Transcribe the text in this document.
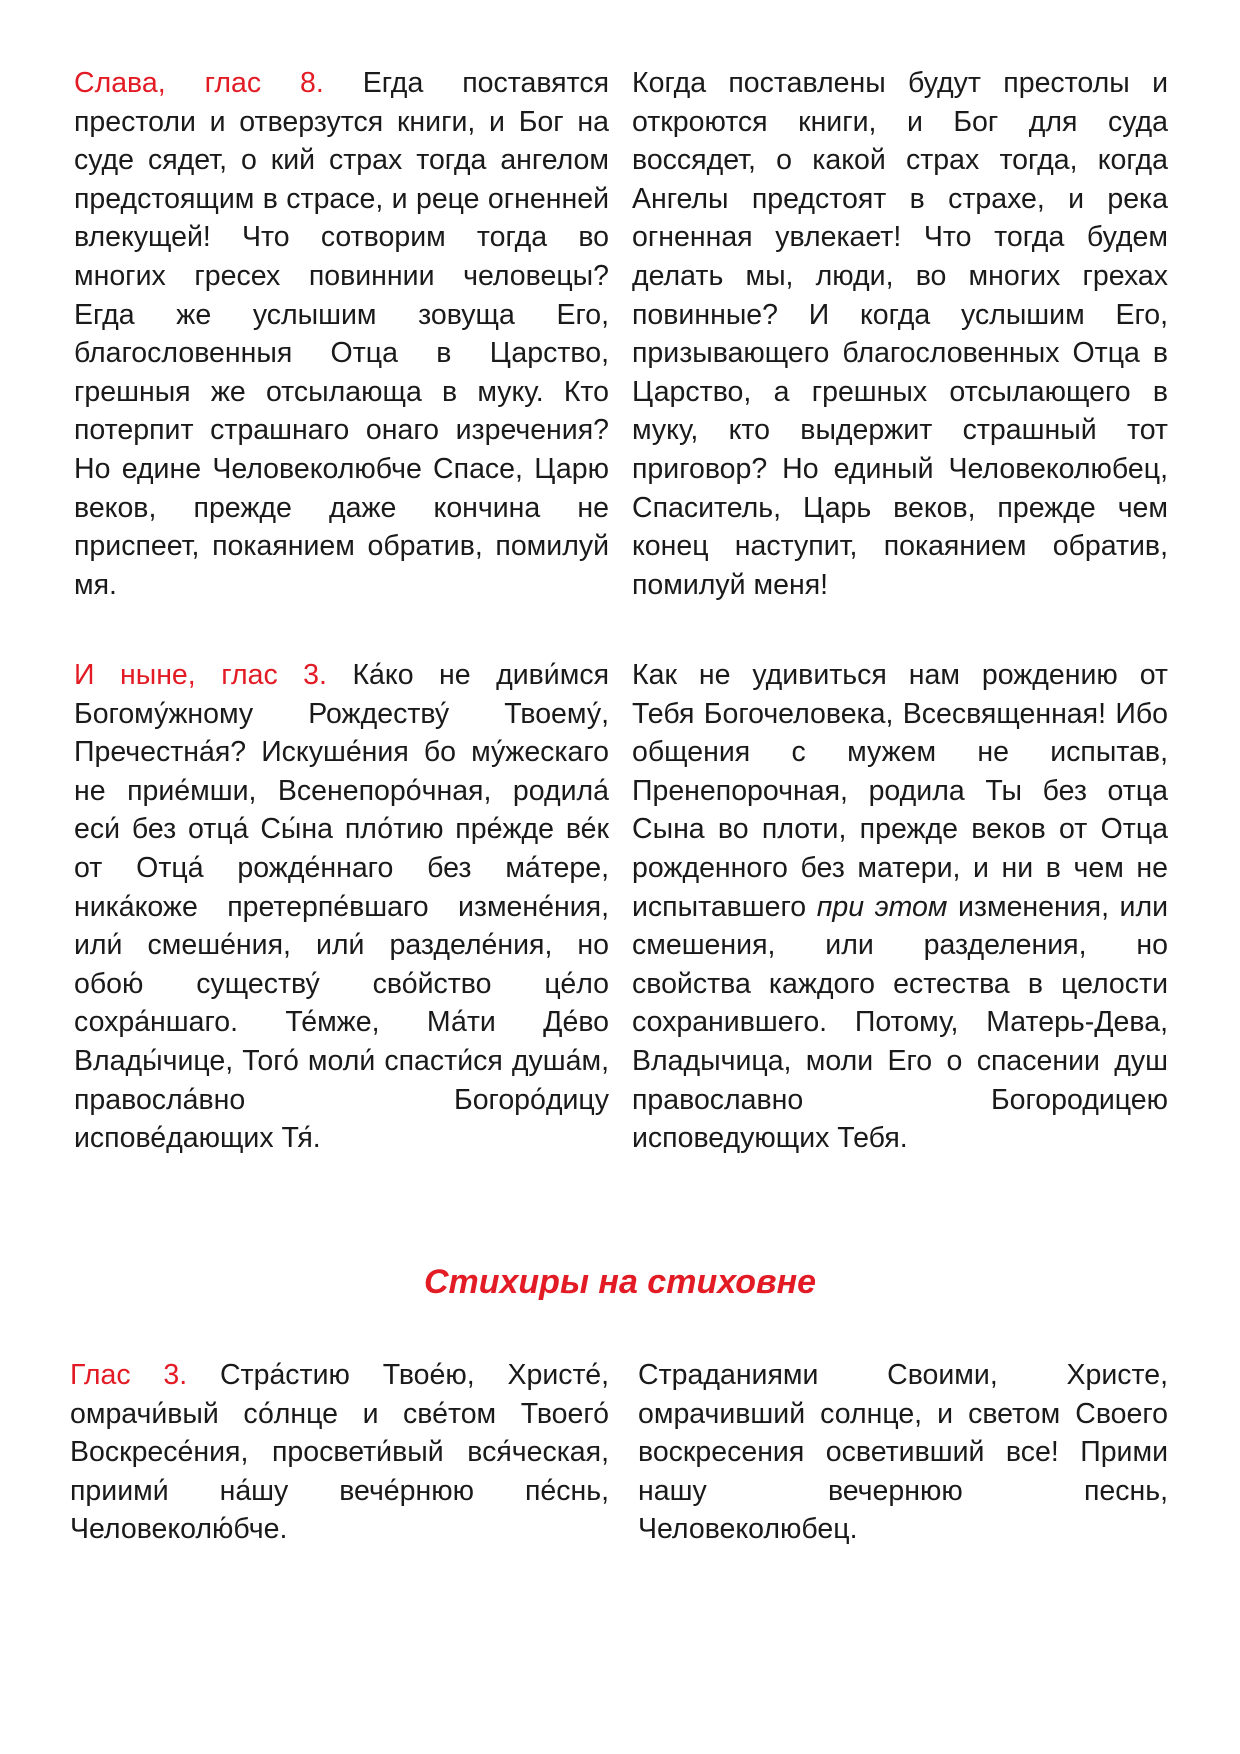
Слава, глас 8. Егда поставятся престоли и отверзутся книги, и Бог на суде сядет, о кий страх тогда ангелом предстоящим в страсе, и реце огненней влекущей! Что сотворим тогда во многих гресех повиннии человецы? Егда же услышим зовуща Его, благословенныя Отца в Царство, грешныя же отсылающа в муку. Кто потерпит страшнаго онаго изречения? Но едине Человеколюбче Спасе, Царю веков, прежде даже кончина не приспеет, покаянием обратив, помилуй мя.
Когда поставлены будут престолы и откроются книги, и Бог для суда воссядет, о какой страх тогда, когда Ангелы предстоят в страхе, и река огненная увлекает! Что тогда будем делать мы, люди, во многих грехах повинные? И когда услышим Его, призывающего благословенных Отца в Царство, а грешных отсылающего в муку, кто выдержит страшный тот приговор? Но единый Человеколюбец, Спаситель, Царь веков, прежде чем конец наступит, покаянием обратив, помилуй меня!
И ныне, глас 3. Ка́ко не диви́мся Богому́жному Рождеству́ Твоему́, Пречестна́я? Искуше́ния бо му́жескаго не прие́мши, Всенепоро́чная, родила́ еси́ без отца́ Сы́на пло́тию пре́жде ве́к от Отца́ рожде́ннаго без ма́тере, ника́коже претерпе́вшаго измене́ния, или́ смеше́ния, или́ разделе́ния, но обою́ существу́ сво́йство це́ло сохра́ншаго. Те́мже, Ма́ти Де́во Влады́чице, Того́ моли́ спасти́ся душа́м, правосла́вно Богоро́дицу испове́дающих Тя́.
Как не удивиться нам рождению от Тебя Богочеловека, Всесвященная! Ибо общения с мужем не испытав, Пренепорочная, родила Ты без отца Сына во плоти, прежде веков от Отца рожденного без матери, и ни в чем не испытавшего при этом изменения, или смешения, или разделения, но свойства каждого естества в целости сохранившего. Потому, Матерь-Дева, Владычица, моли Его о спасении душ православно Богородицею исповедующих Тебя.
Стихиры на стиховне
Глас 3. Стра́стию Твое́ю, Христе́, омрачи́вый со́лнце и све́том Твоего́ Воскресе́ния, просвети́вый вся́ческая, приими́ на́шу вече́рнюю пе́снь, Человеколю́бче.
Страданиями Своими, Христе, омрачивший солнце, и светом Своего воскресения осветивший все! Прими нашу вечернюю песнь, Человеколюбец.
